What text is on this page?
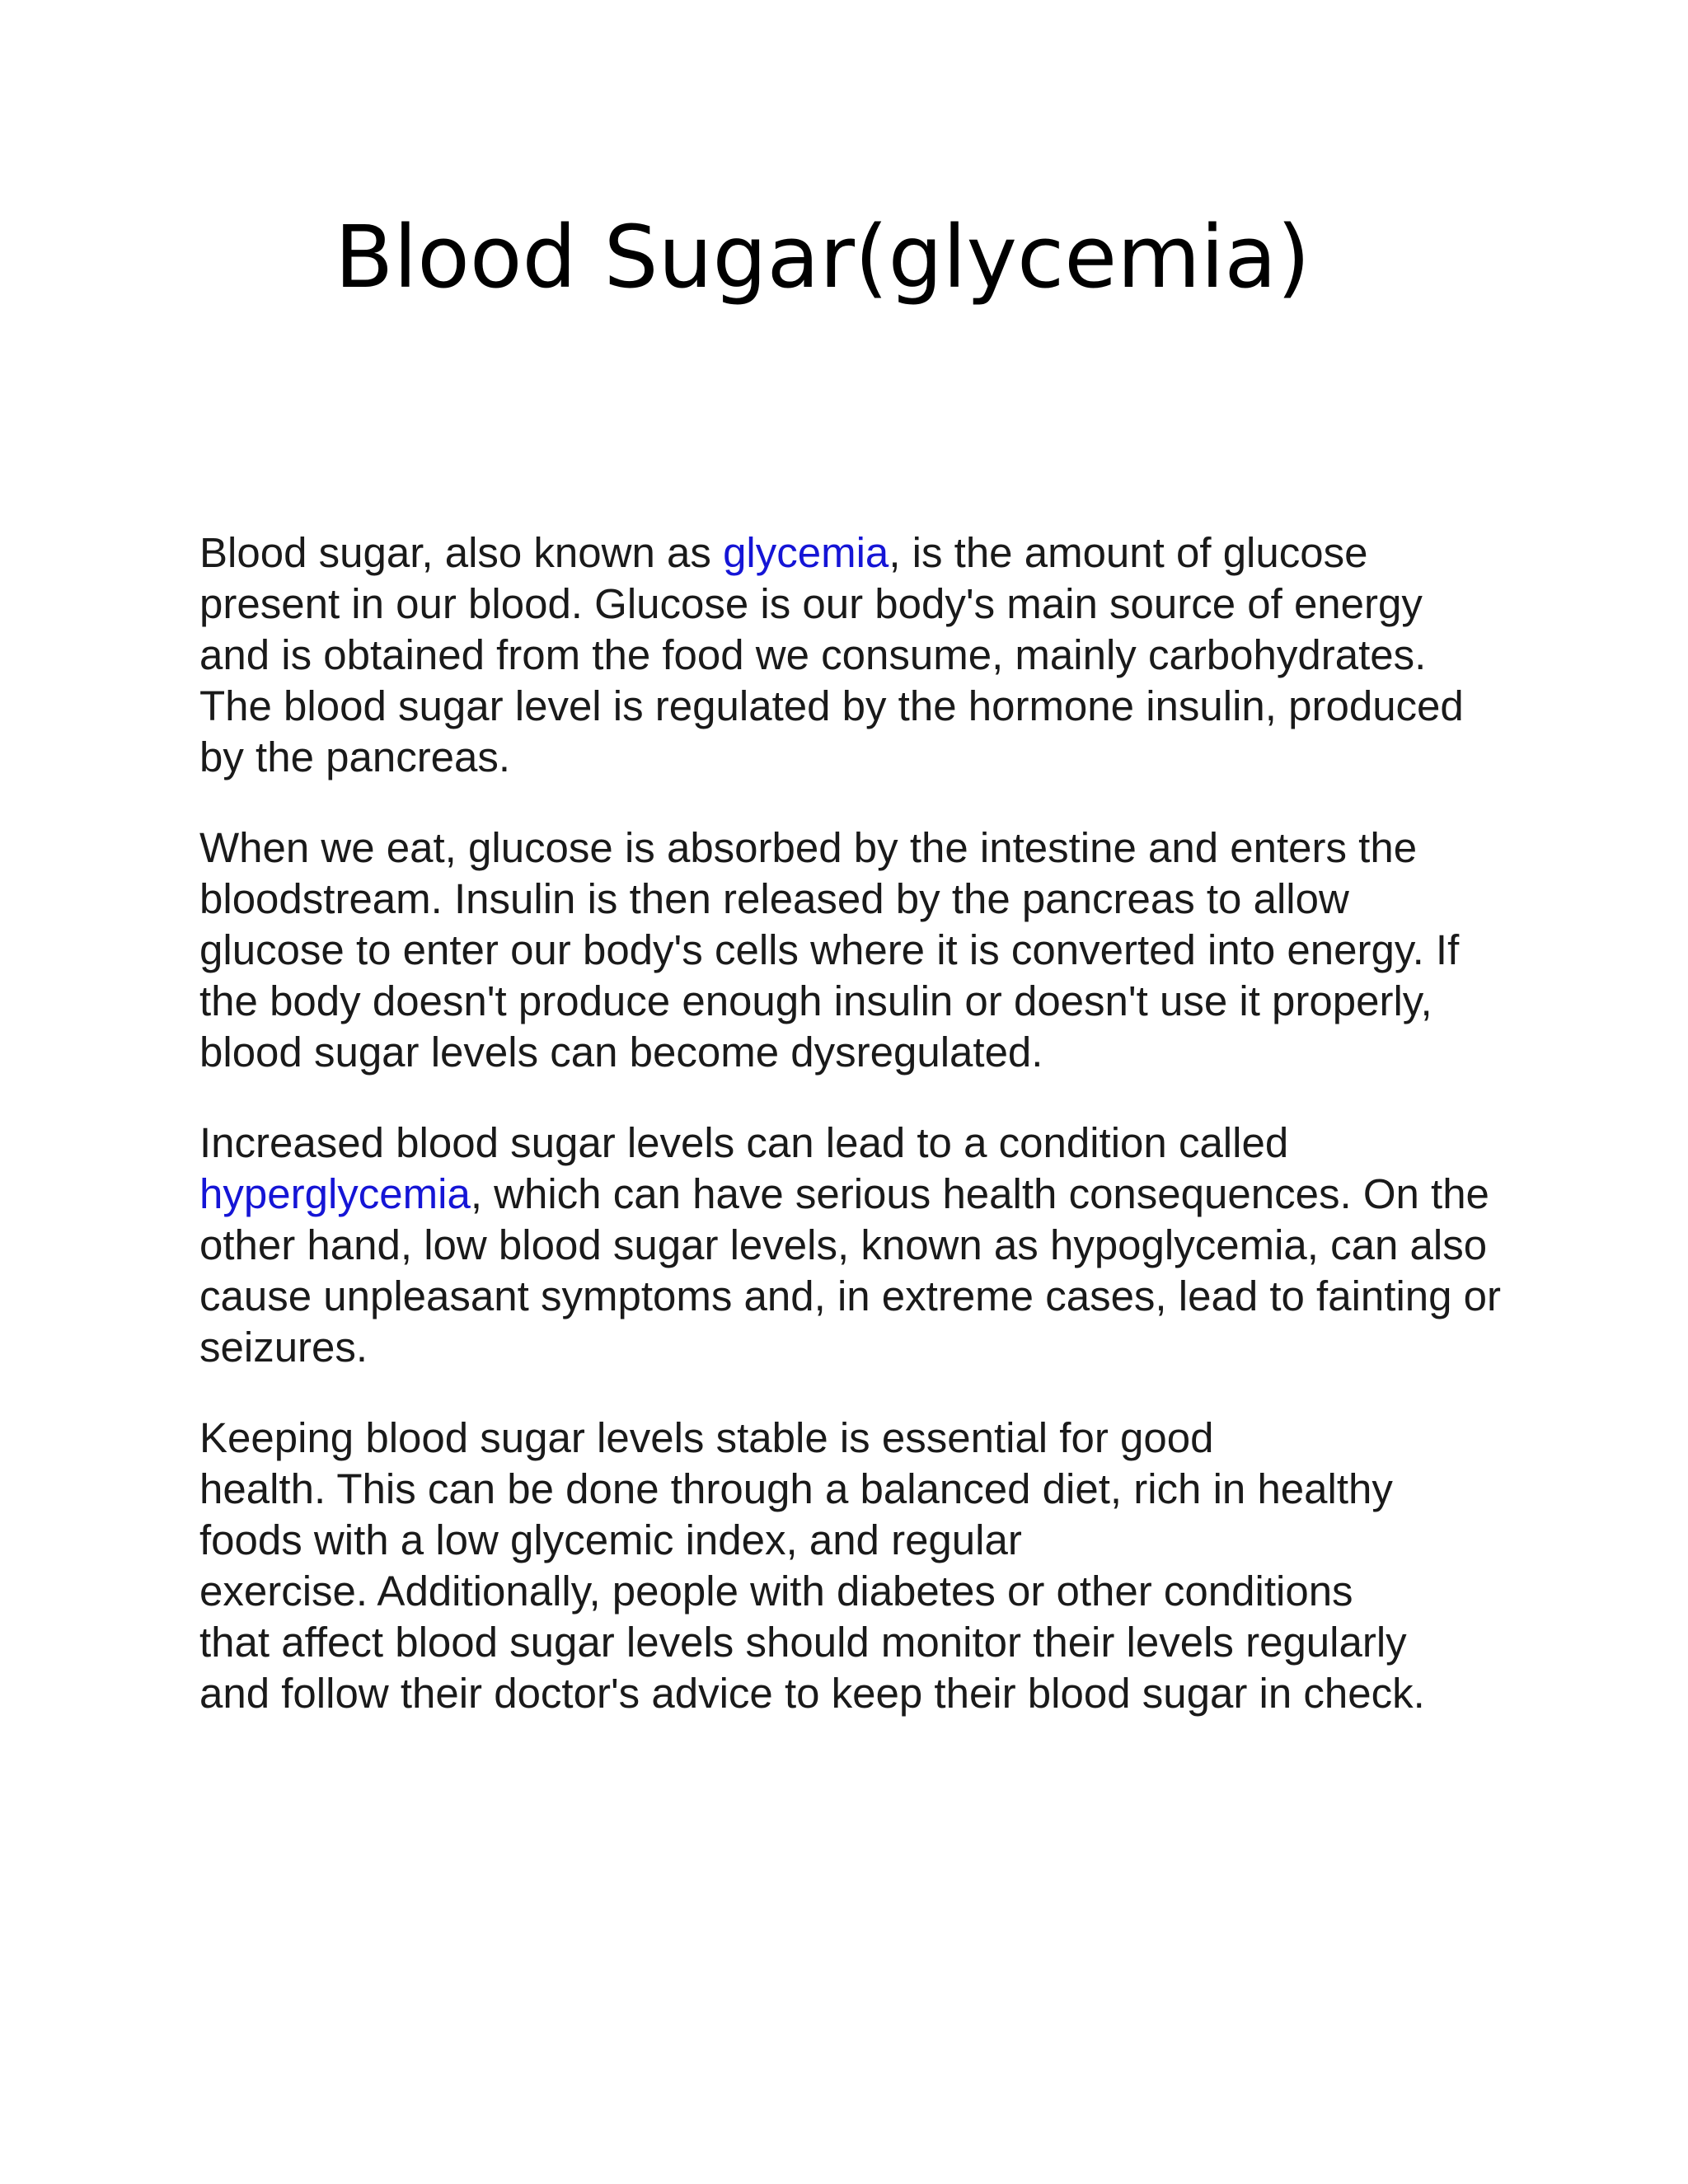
Blood Sugar(glycemia)

Blood sugar, also known as glycemia, is the amount of glucose present in our blood. Glucose is our body's main source of energy and is obtained from the food we consume, mainly carbohydrates. The blood sugar level is regulated by the hormone insulin, produced by the pancreas.

When we eat, glucose is absorbed by the intestine and enters the bloodstream. Insulin is then released by the pancreas to allow glucose to enter our body's cells where it is converted into energy. If the body doesn't produce enough insulin or doesn't use it properly, blood sugar levels can become dysregulated.

Increased blood sugar levels can lead to a condition called hyperglycemia, which can have serious health consequences. On the other hand, low blood sugar levels, known as hypoglycemia, can also cause unpleasant symptoms and, in extreme cases, lead to fainting or seizures.

Keeping blood sugar levels stable is essential for good
health. This can be done through a balanced diet, rich in healthy
foods with a low glycemic index, and regular
exercise. Additionally, people with diabetes or other conditions
that affect blood sugar levels should monitor their levels regularly
and follow their doctor's advice to keep their blood sugar in check.
